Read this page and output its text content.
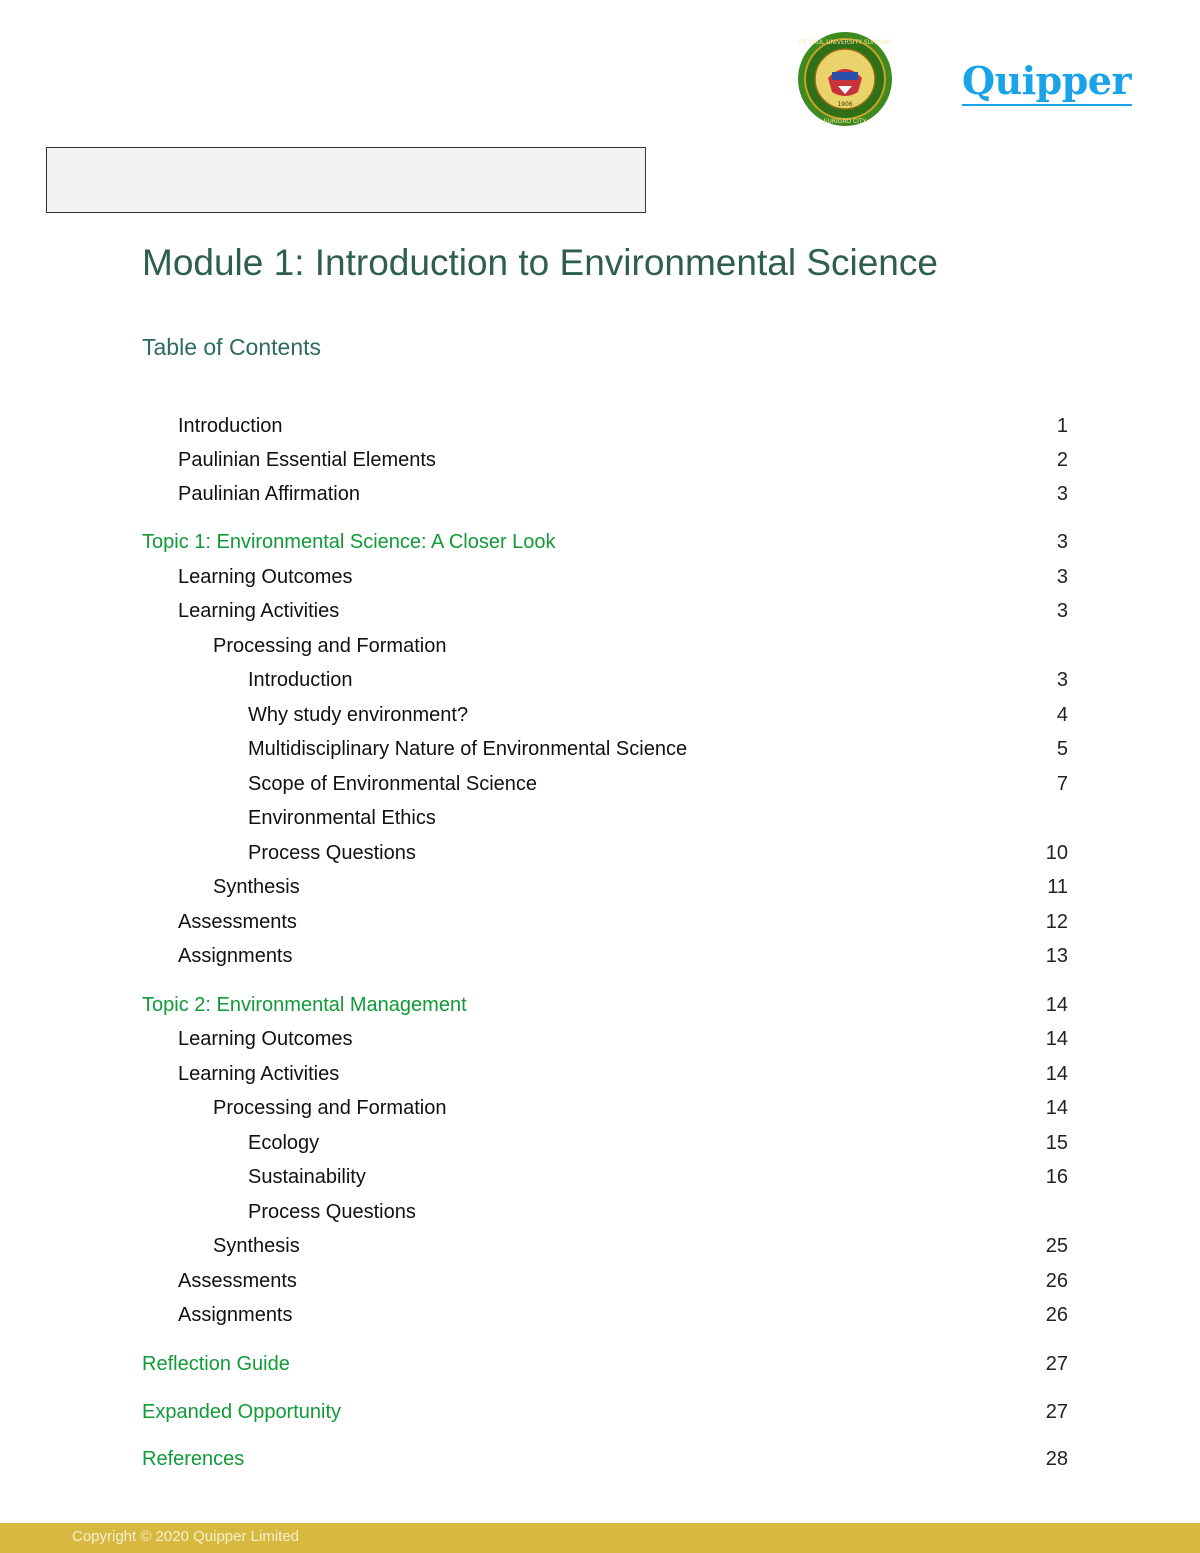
ST. PAUL UNIVERSITY SURIGAO
SURIGAO CITY
1906
Quipper
Module 1: Introduction to Environmental Science
Table of Contents
Introduction	1
Paulinian Essential Elements	2
Paulinian Affirmation	3
Topic 1: Environmental Science: A Closer Look	3
Learning Outcomes	3
Learning Activities	3
Processing and Formation
Introduction	3
Why study environment?	4
Multidisciplinary Nature of Environmental Science	5
Scope of Environmental Science	7
Environmental Ethics
Process Questions	10
Synthesis	11
Assessments	12
Assignments	13
Topic 2: Environmental Management	14
Learning Outcomes	14
Learning Activities	14
Processing and Formation	14
Ecology	15
Sustainability	16
Process Questions
Synthesis	25
Assessments	26
Assignments	26
Reflection Guide	27
Expanded Opportunity	27
References	28
Copyright © 2020 Quipper Limited
